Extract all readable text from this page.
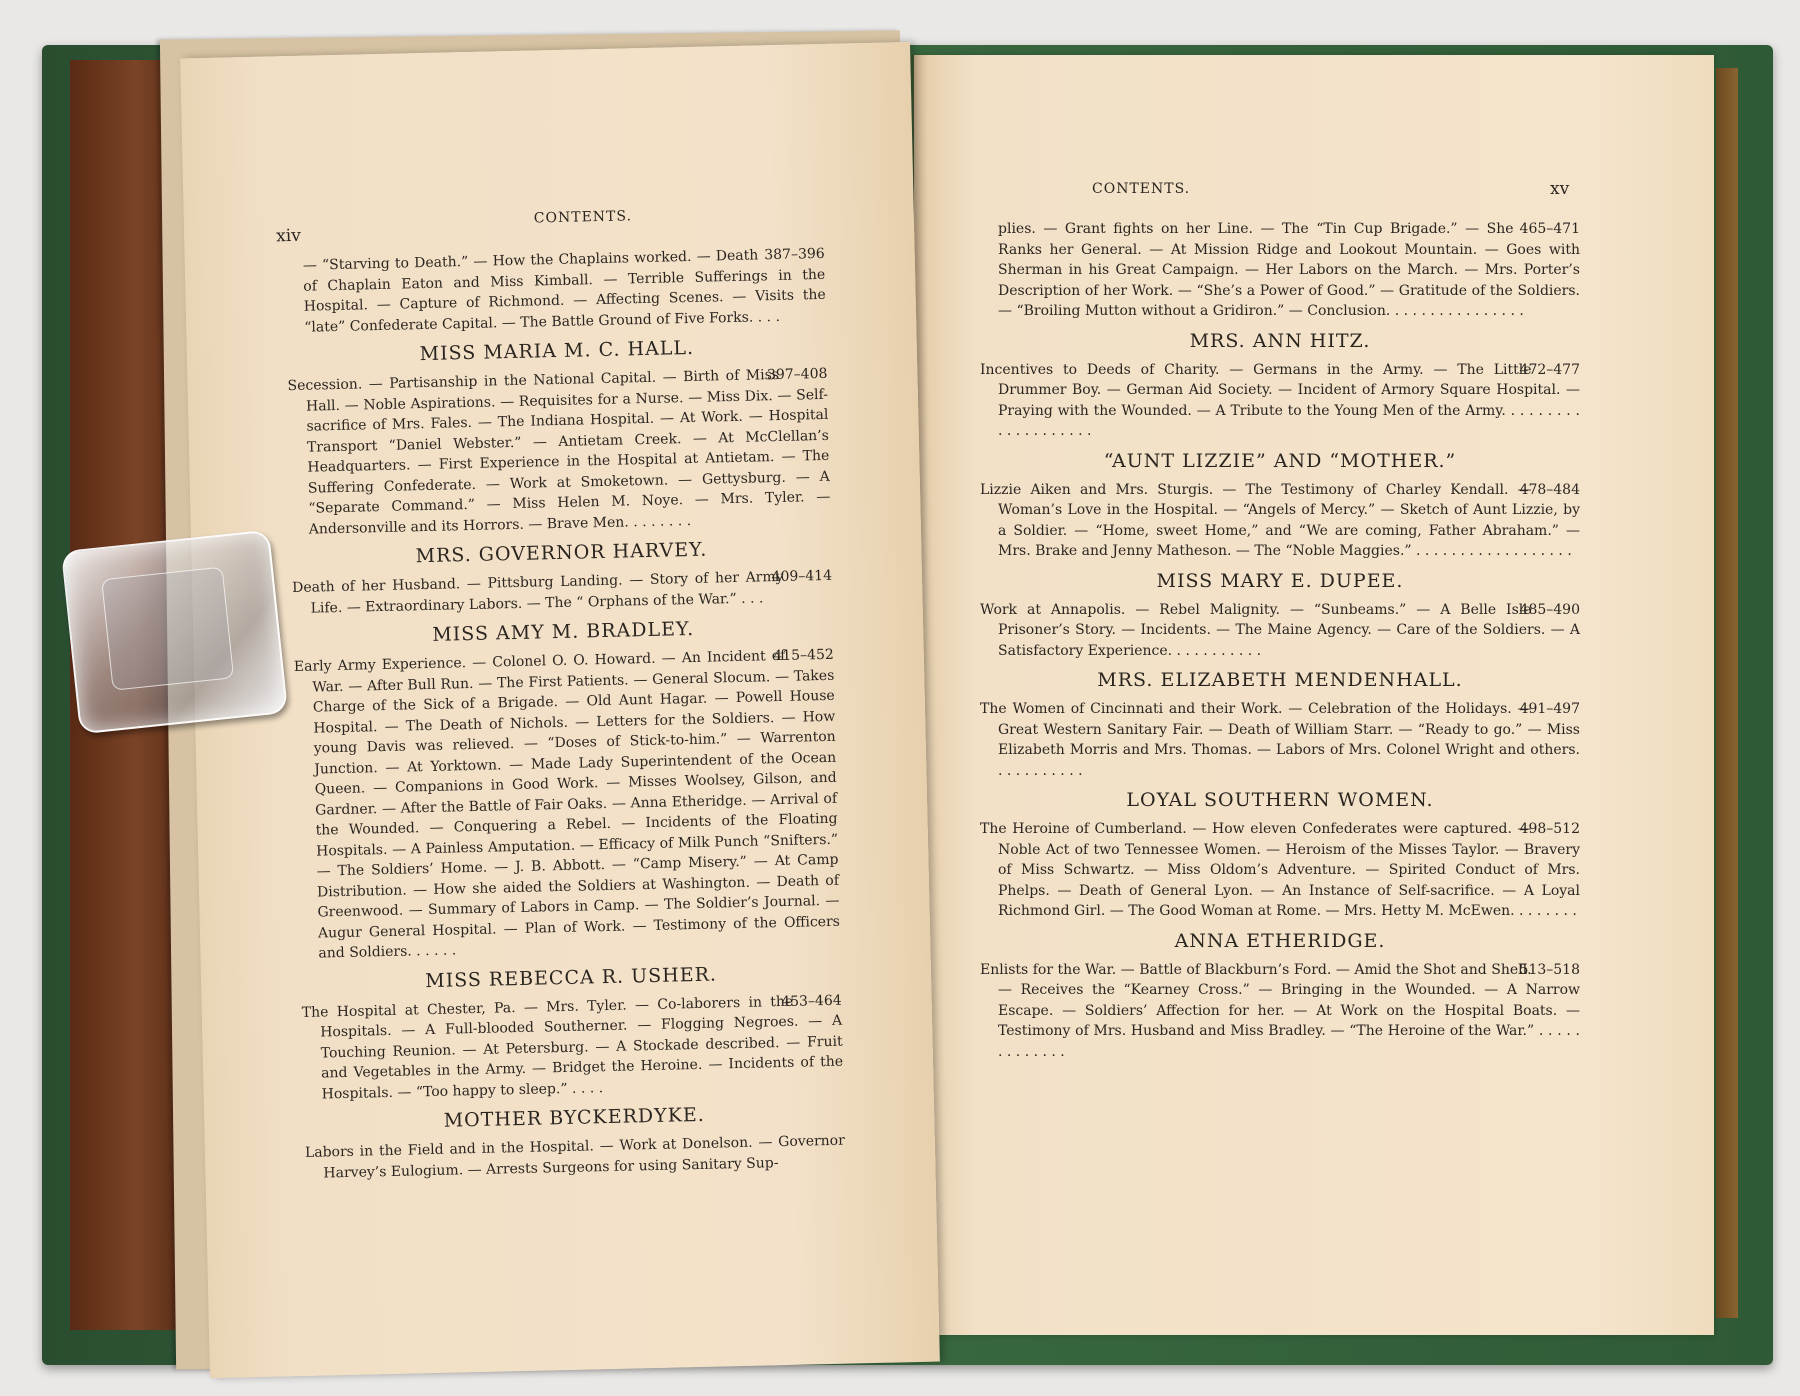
CONTENTS.	xv
465–471
plies. — Grant fights on her Line. — The “Tin Cup Brigade.” — She Ranks her General. — At Mission Ridge and Lookout Mountain. — Goes with Sherman in his Great Campaign. — Her Labors on the March. — Mrs. Porter’s Description of her Work. — “She’s a Power of Good.” — Gratitude of the Soldiers. — “Broiling Mutton without a Gridiron.” — Conclusion. . . . . . . . . . . . . . . .
MRS. ANN HITZ.
472–477
Incentives to Deeds of Charity. — Germans in the Army. — The Little Drummer Boy. — German Aid Society. — Incident of Armory Square Hospital. — Praying with the Wounded. — A Tribute to the Young Men of the Army. . . . . . . . . . . . . . . . . . . .
“AUNT LIZZIE” AND “MOTHER.”
478–484
Lizzie Aiken and Mrs. Sturgis. — The Testimony of Charley Kendall. — Woman’s Love in the Hospital. — “Angels of Mercy.” — Sketch of Aunt Lizzie, by a Soldier. — “Home, sweet Home,” and “We are coming, Father Abraham.” — Mrs. Brake and Jenny Matheson. — The “Noble Maggies.” . . . . . . . . . . . . . . . . . .
MISS MARY E. DUPEE.
485–490
Work at Annapolis. — Rebel Malignity. — “Sunbeams.” — A Belle Isle Prisoner’s Story. — Incidents. — The Maine Agency. — Care of the Soldiers. — A Satisfactory Experience. . . . . . . . . . .
MRS. ELIZABETH MENDENHALL.
491–497
The Women of Cincinnati and their Work. — Celebration of the Holidays. — Great Western Sanitary Fair. — Death of William Starr. — “Ready to go.” — Miss Elizabeth Morris and Mrs. Thomas. — Labors of Mrs. Colonel Wright and others. . . . . . . . . . .
LOYAL SOUTHERN WOMEN.
498–512
The Heroine of Cumberland. — How eleven Confederates were captured. — Noble Act of two Tennessee Women. — Heroism of the Misses Taylor. — Bravery of Miss Schwartz. — Miss Oldom’s Adventure. — Spirited Conduct of Mrs. Phelps. — Death of General Lyon. — An Instance of Self-sacrifice. — A Loyal Richmond Girl. — The Good Woman at Rome. — Mrs. Hetty M. McEwen. . . . . . . .
ANNA ETHERIDGE.
513–518
Enlists for the War. — Battle of Blackburn’s Ford. — Amid the Shot and Shell. — Receives the “Kearney Cross.” — Bringing in the Wounded. — A Narrow Escape. — Soldiers’ Affection for her. — At Work on the Hospital Boats. — Testimony of Mrs. Husband and Miss Bradley. — “The Heroine of the War.” . . . . . . . . . . . . .
xiv
CONTENTS.
387–396
— “Starving to Death.” — How the Chaplains worked. — Death of Chaplain Eaton and Miss Kimball. — Terrible Sufferings in the Hospital. — Capture of Richmond. — Affecting Scenes. — Visits the “late” Confederate Capital. — The Battle Ground of Five Forks. . . .
MISS MARIA M. C. HALL.
397–408
Secession. — Partisanship in the National Capital. — Birth of Miss Hall. — Noble Aspirations. — Requisites for a Nurse. — Miss Dix. — Self-sacrifice of Mrs. Fales. — The Indiana Hospital. — At Work. — Hospital Transport “Daniel Webster.” — Antietam Creek. — At McClellan’s Headquarters. — First Experience in the Hospital at Antietam. — The Suffering Confederate. — Work at Smoketown. — Gettysburg. — A “Separate Command.” — Miss Helen M. Noye. — Mrs. Tyler. — Andersonville and its Horrors. — Brave Men. . . . . . . .
MRS. GOVERNOR HARVEY.
409–414
Death of her Husband. — Pittsburg Landing. — Story of her Army Life. — Extraordinary Labors. — The “ Orphans of the War.” . . .
MISS AMY M. BRADLEY.
415–452
Early Army Experience. — Colonel O. O. Howard. — An Incident of War. — After Bull Run. — The First Patients. — General Slocum. — Takes Charge of the Sick of a Brigade. — Old Aunt Hagar. — Powell House Hospital. — The Death of Nichols. — Letters for the Soldiers. — How young Davis was relieved. — “Doses of Stick-to-him.” — Warrenton Junction. — At Yorktown. — Made Lady Superintendent of the Ocean Queen. — Companions in Good Work. — Misses Woolsey, Gilson, and Gardner. — After the Battle of Fair Oaks. — Anna Etheridge. — Arrival of the Wounded. — Conquering a Rebel. — Incidents of the Floating Hospitals. — A Painless Amputation. — Efficacy of Milk Punch “Snifters.” — The Soldiers’ Home. — J. B. Abbott. — “Camp Misery.” — At Camp Distribution. — How she aided the Soldiers at Washington. — Death of Greenwood. — Summary of Labors in Camp. — The Soldier’s Journal. — Augur General Hospital. — Plan of Work. — Testimony of the Officers and Soldiers. . . . . .
MISS REBECCA R. USHER.
453–464
The Hospital at Chester, Pa. — Mrs. Tyler. — Co-laborers in the Hospitals. — A Full-blooded Southerner. — Flogging Negroes. — A Touching Reunion. — At Petersburg. — A Stockade described. — Fruit and Vegetables in the Army. — Bridget the Heroine. — Incidents of the Hospitals. — “Too happy to sleep.” . . . .
MOTHER BYCKERDYKE.
Labors in the Field and in the Hospital. — Work at Donelson. — Governor Harvey’s Eulogium. — Arrests Surgeons for using Sanitary Sup-
